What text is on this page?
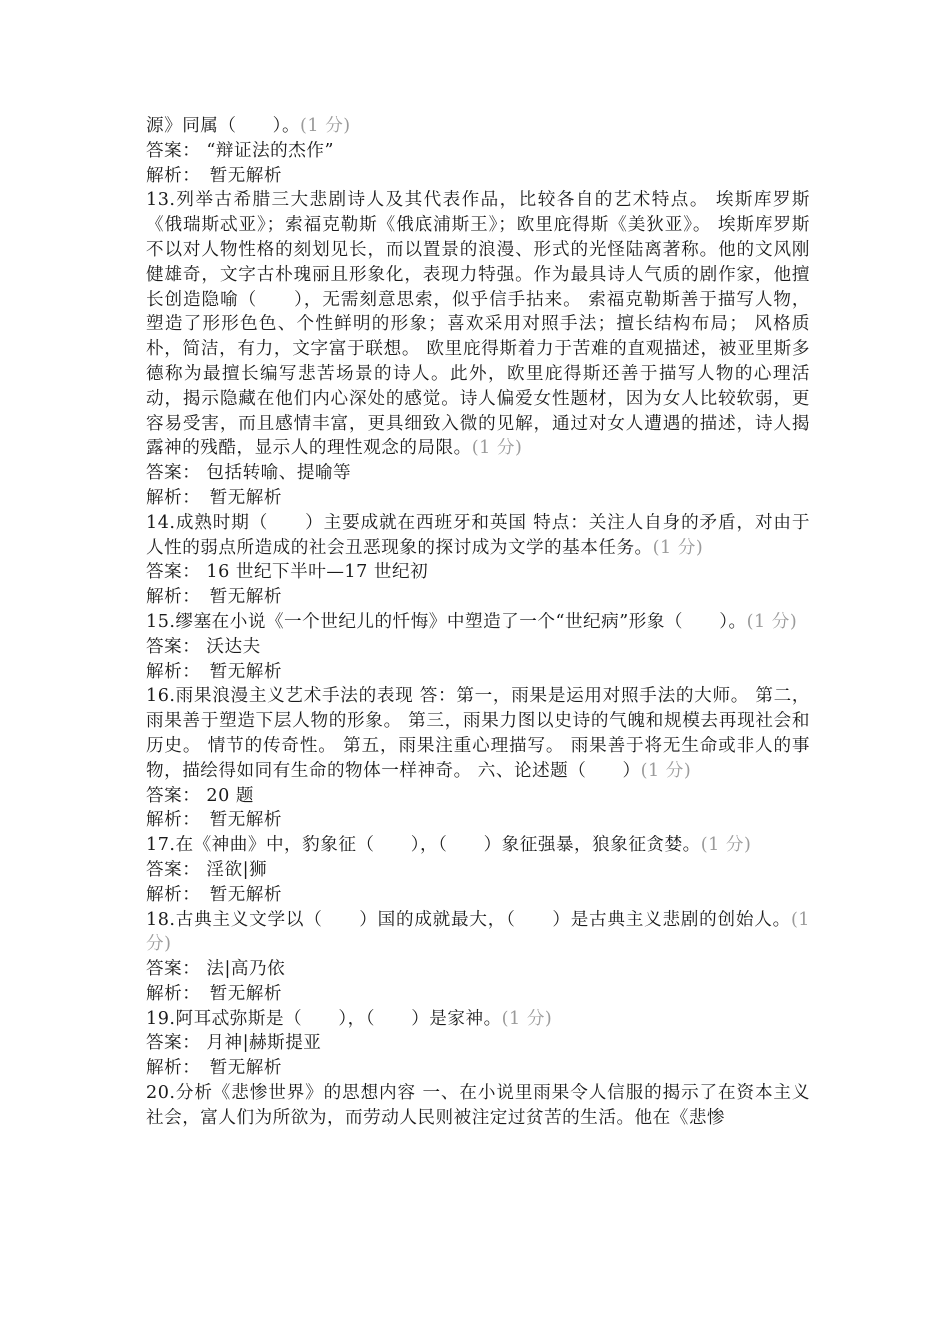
源》同属（　　）。(1 分)

答案： “辩证法的杰作”

解析：　 暂无解析

13.列举古希腊三大悲剧诗人及其代表作品，比较各自的艺术特点。 埃斯库罗斯《俄瑞斯忒亚》；索福克勒斯《俄底浦斯王》；欧里庇得斯《美狄亚》。 埃斯库罗斯不以对人物性格的刻划见长，而以置景的浪漫、形式的光怪陆离著称。他的文风刚健雄奇，文字古朴瑰丽且形象化，表现力特强。作为最具诗人气质的剧作家，他擅长创造隐喻（　　），无需刻意思索，似乎信手拈来。 索福克勒斯善于描写人物，塑造了形形色色、个性鲜明的形象；喜欢采用对照手法；擅长结构布局； 风格质朴，简洁，有力，文字富于联想。 欧里庇得斯着力于苦难的直观描述，被亚里斯多德称为最擅长编写悲苦场景的诗人。此外，欧里庇得斯还善于描写人物的心理活动，揭示隐藏在他们内心深处的感觉。诗人偏爱女性题材，因为女人比较软弱，更容易受害，而且感情丰富，更具细致入微的见解，通过对女人遭遇的描述，诗人揭露神的残酷，显示人的理性观念的局限。(1 分)

答案： 包括转喻、提喻等

解析：　 暂无解析

14.成熟时期（　　）主要成就在西班牙和英国 特点：关注人自身的矛盾，对由于人性的弱点所造成的社会丑恶现象的探讨成为文学的基本任务。(1 分)

答案： 16 世纪下半叶—17 世纪初

解析：　 暂无解析

15.缪塞在小说《一个世纪儿的忏悔》中塑造了一个“世纪病”形象（　　）。(1 分)

答案： 沃达夫

解析：　 暂无解析

16.雨果浪漫主义艺术手法的表现 答：第一，雨果是运用对照手法的大师。 第二，雨果善于塑造下层人物的形象。 第三，雨果力图以史诗的气魄和规模去再现社会和历史。 情节的传奇性。 第五，雨果注重心理描写。 雨果善于将无生命或非人的事物，描绘得如同有生命的物体一样神奇。 六、论述题（　　）(1 分)

答案： 20 题

解析：　 暂无解析

17.在《神曲》中，豹象征（　　），（　　）象征强暴，狼象征贪婪。(1 分)

答案： 淫欲|狮

解析：　 暂无解析

18.古典主义文学以（　　）国的成就最大，（　　）是古典主义悲剧的创始人。(1 分)

答案： 法|高乃依

解析：　 暂无解析

19.阿耳忒弥斯是（　　），（　　）是家神。(1 分)

答案： 月神|赫斯提亚

解析：　 暂无解析

20.分析《悲惨世界》的思想内容 一、在小说里雨果令人信服的揭示了在资本主义社会，富人们为所欲为，而劳动人民则被注定过贫苦的生活。他在《悲惨
